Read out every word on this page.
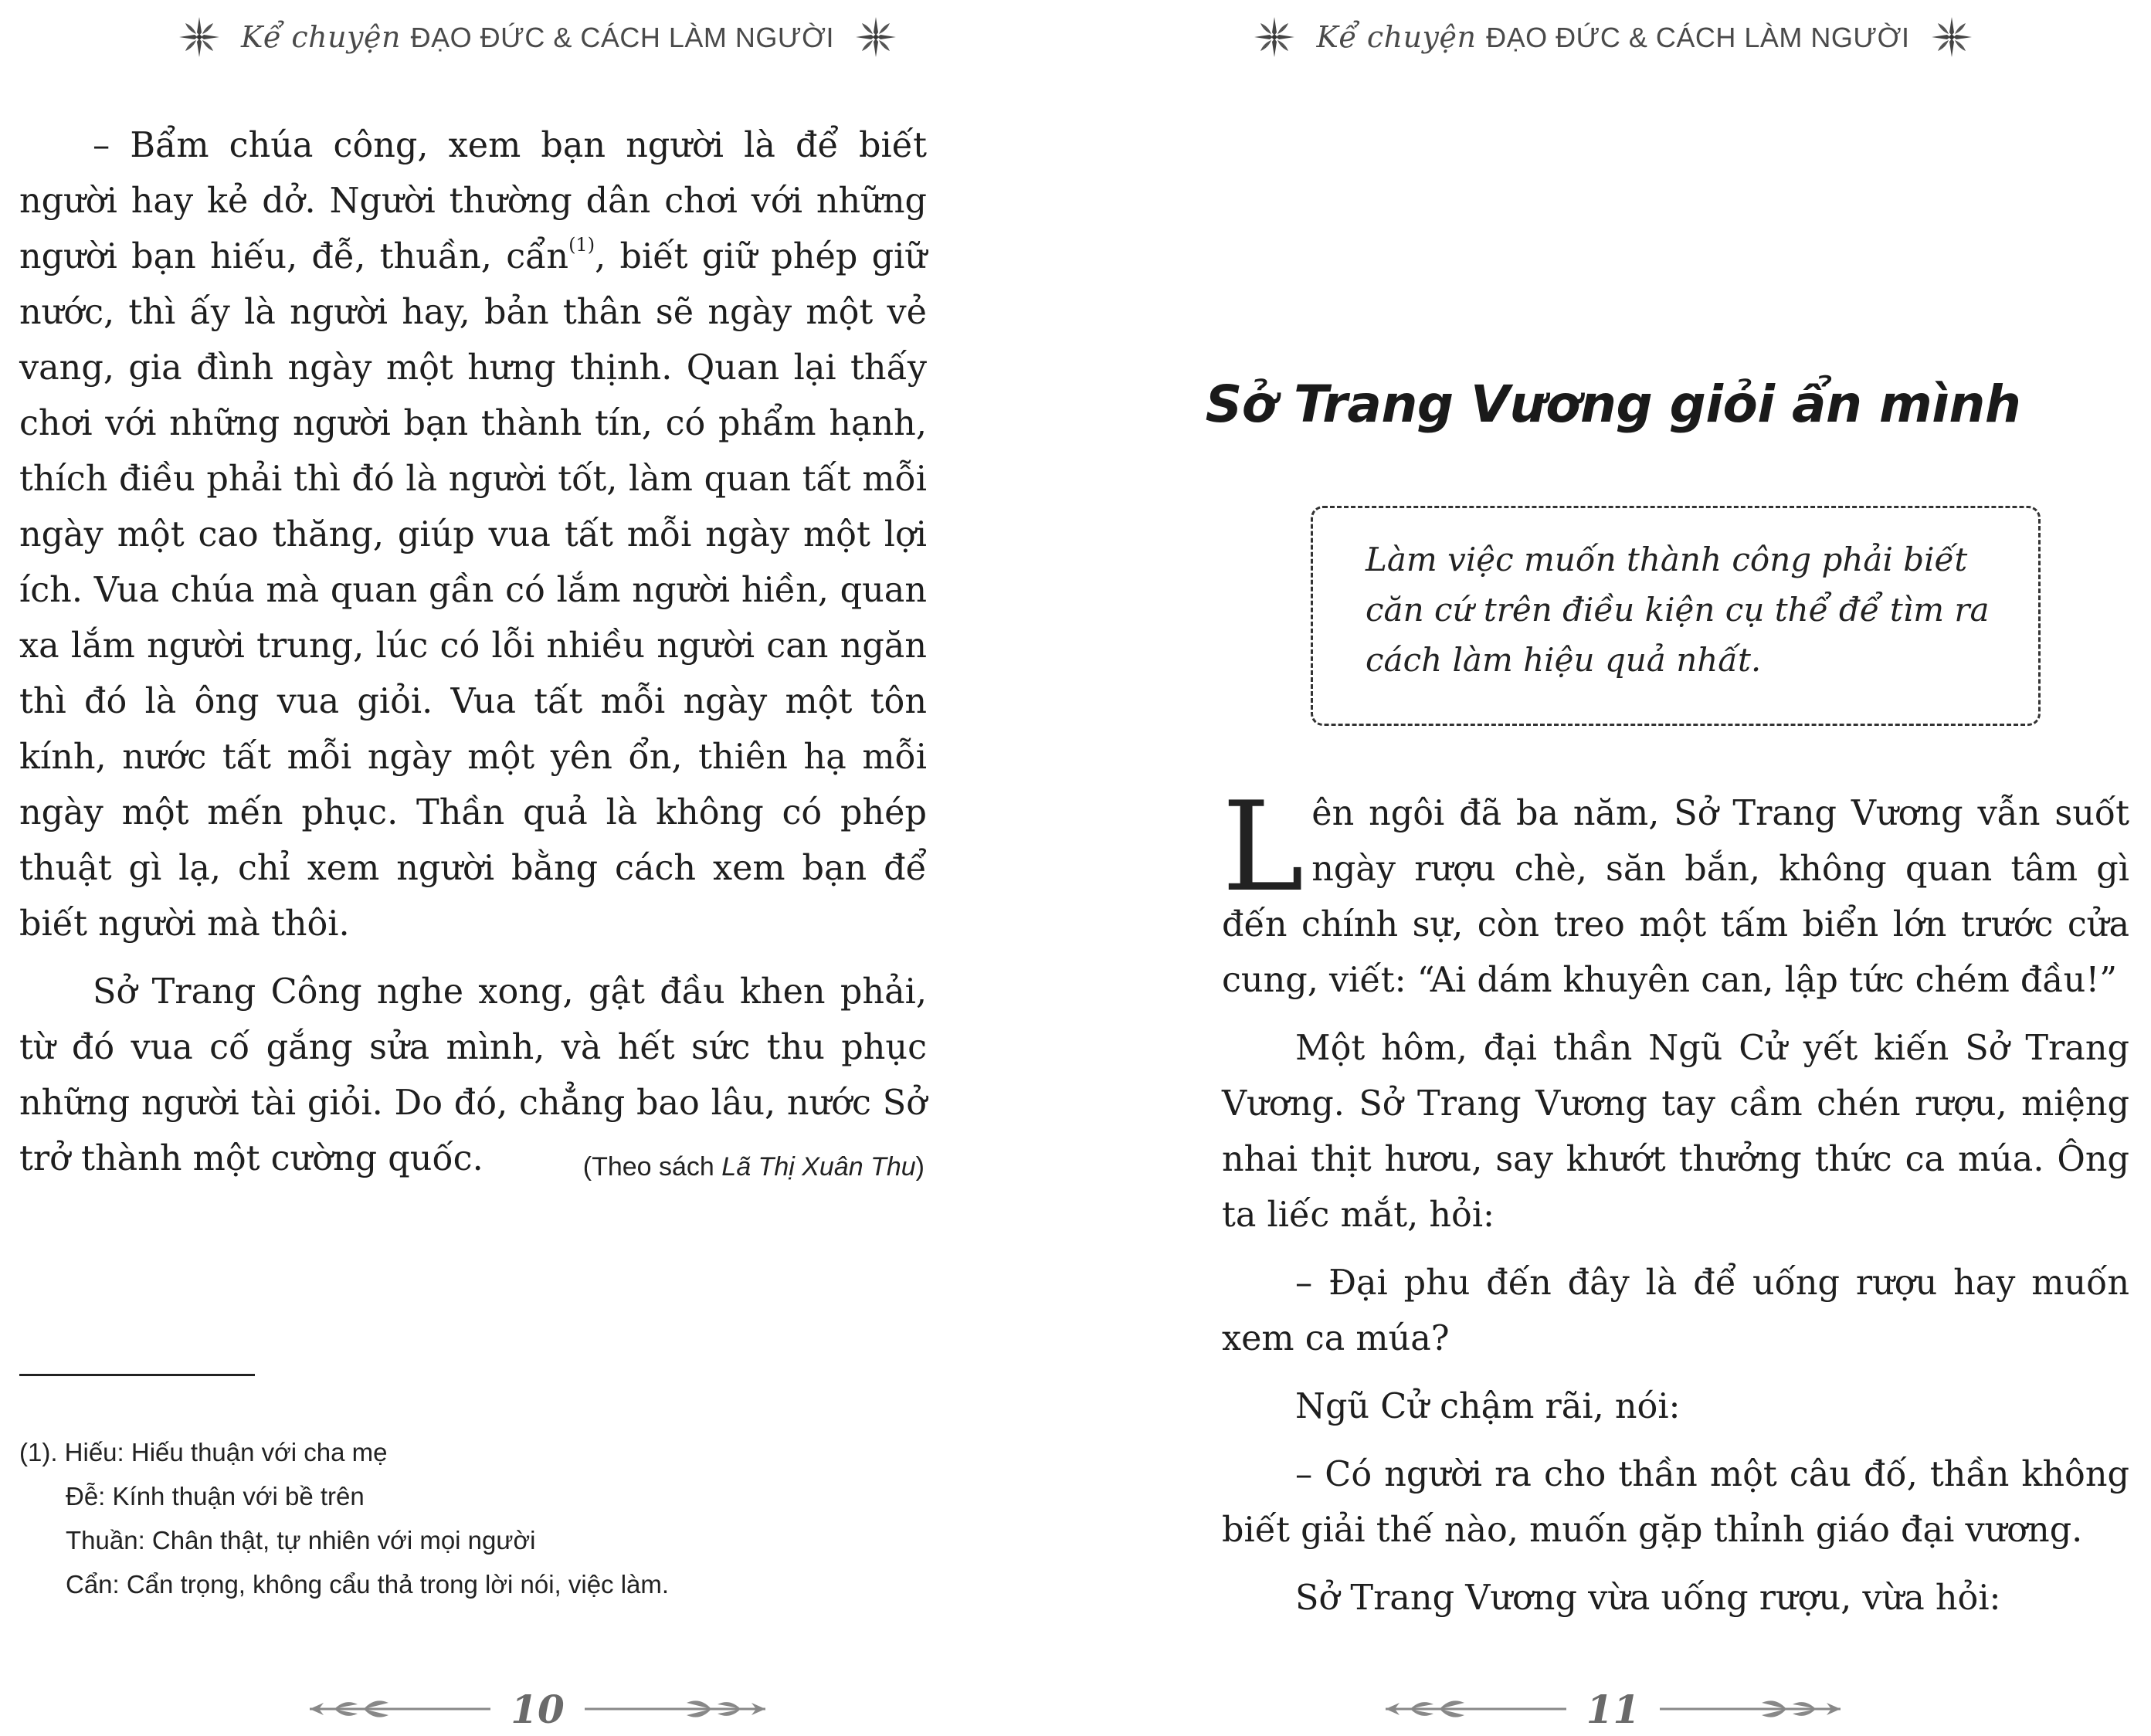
Kể chuyện ĐẠO ĐỨC & CÁCH LÀM NGƯỜI

– Bẩm chúa công, xem bạn người là để biết người hay kẻ dở. Người thường dân chơi với những người bạn hiếu, đễ, thuần, cẩn$^{(1)}$, biết giữ phép giữ nước, thì ấy là người hay, bản thân sẽ ngày một vẻ vang, gia đình ngày một hưng thịnh. Quan lại thấy chơi với những người bạn thành tín, có phẩm hạnh, thích điều phải thì đó là người tốt, làm quan tất mỗi ngày một cao thăng, giúp vua tất mỗi ngày một lợi ích. Vua chúa mà quan gần có lắm người hiền, quan xa lắm người trung, lúc có lỗi nhiều người can ngăn thì đó là ông vua giỏi. Vua tất mỗi ngày một tôn kính, nước tất mỗi ngày một yên ổn, thiên hạ mỗi ngày một mến phục. Thần quả là không có phép thuật gì lạ, chỉ xem người bằng cách xem bạn để biết người mà thôi.

Sở Trang Công nghe xong, gật đầu khen phải, từ đó vua cố gắng sửa mình, và hết sức thu phục những người tài giỏi. Do đó, chẳng bao lâu, nước Sở trở thành một cường quốc.	(Theo sách Lã Thị Xuân Thu)

(1). Hiếu: Hiếu thuận với cha mẹ

Đễ: Kính thuận với bề trên

Thuần: Chân thật, tự nhiên với mọi người

Cẩn: Cẩn trọng, không cẩu thả trong lời nói, việc làm.

10
Kể chuyện ĐẠO ĐỨC & CÁCH LÀM NGƯỜI
Sở Trang Vương giỏi ẩn mình
Làm việc muốn thành công phải biết căn cứ trên điều kiện cụ thể để tìm ra cách làm hiệu quả nhất.

Lên ngôi đã ba năm, Sở Trang Vương vẫn suốt ngày rượu chè, săn bắn, không quan tâm gì đến chính sự, còn treo một tấm biển lớn trước cửa cung, viết: “Ai dám khuyên can, lập tức chém đầu!”

Một hôm, đại thần Ngũ Cử yết kiến Sở Trang Vương. Sở Trang Vương tay cầm chén rượu, miệng nhai thịt hươu, say khướt thưởng thức ca múa. Ông ta liếc mắt, hỏi:

– Đại phu đến đây là để uống rượu hay muốn xem ca múa?

Ngũ Cử chậm rãi, nói:

– Có người ra cho thần một câu đố, thần không biết giải thế nào, muốn gặp thỉnh giáo đại vương.

Sở Trang Vương vừa uống rượu, vừa hỏi:

11
